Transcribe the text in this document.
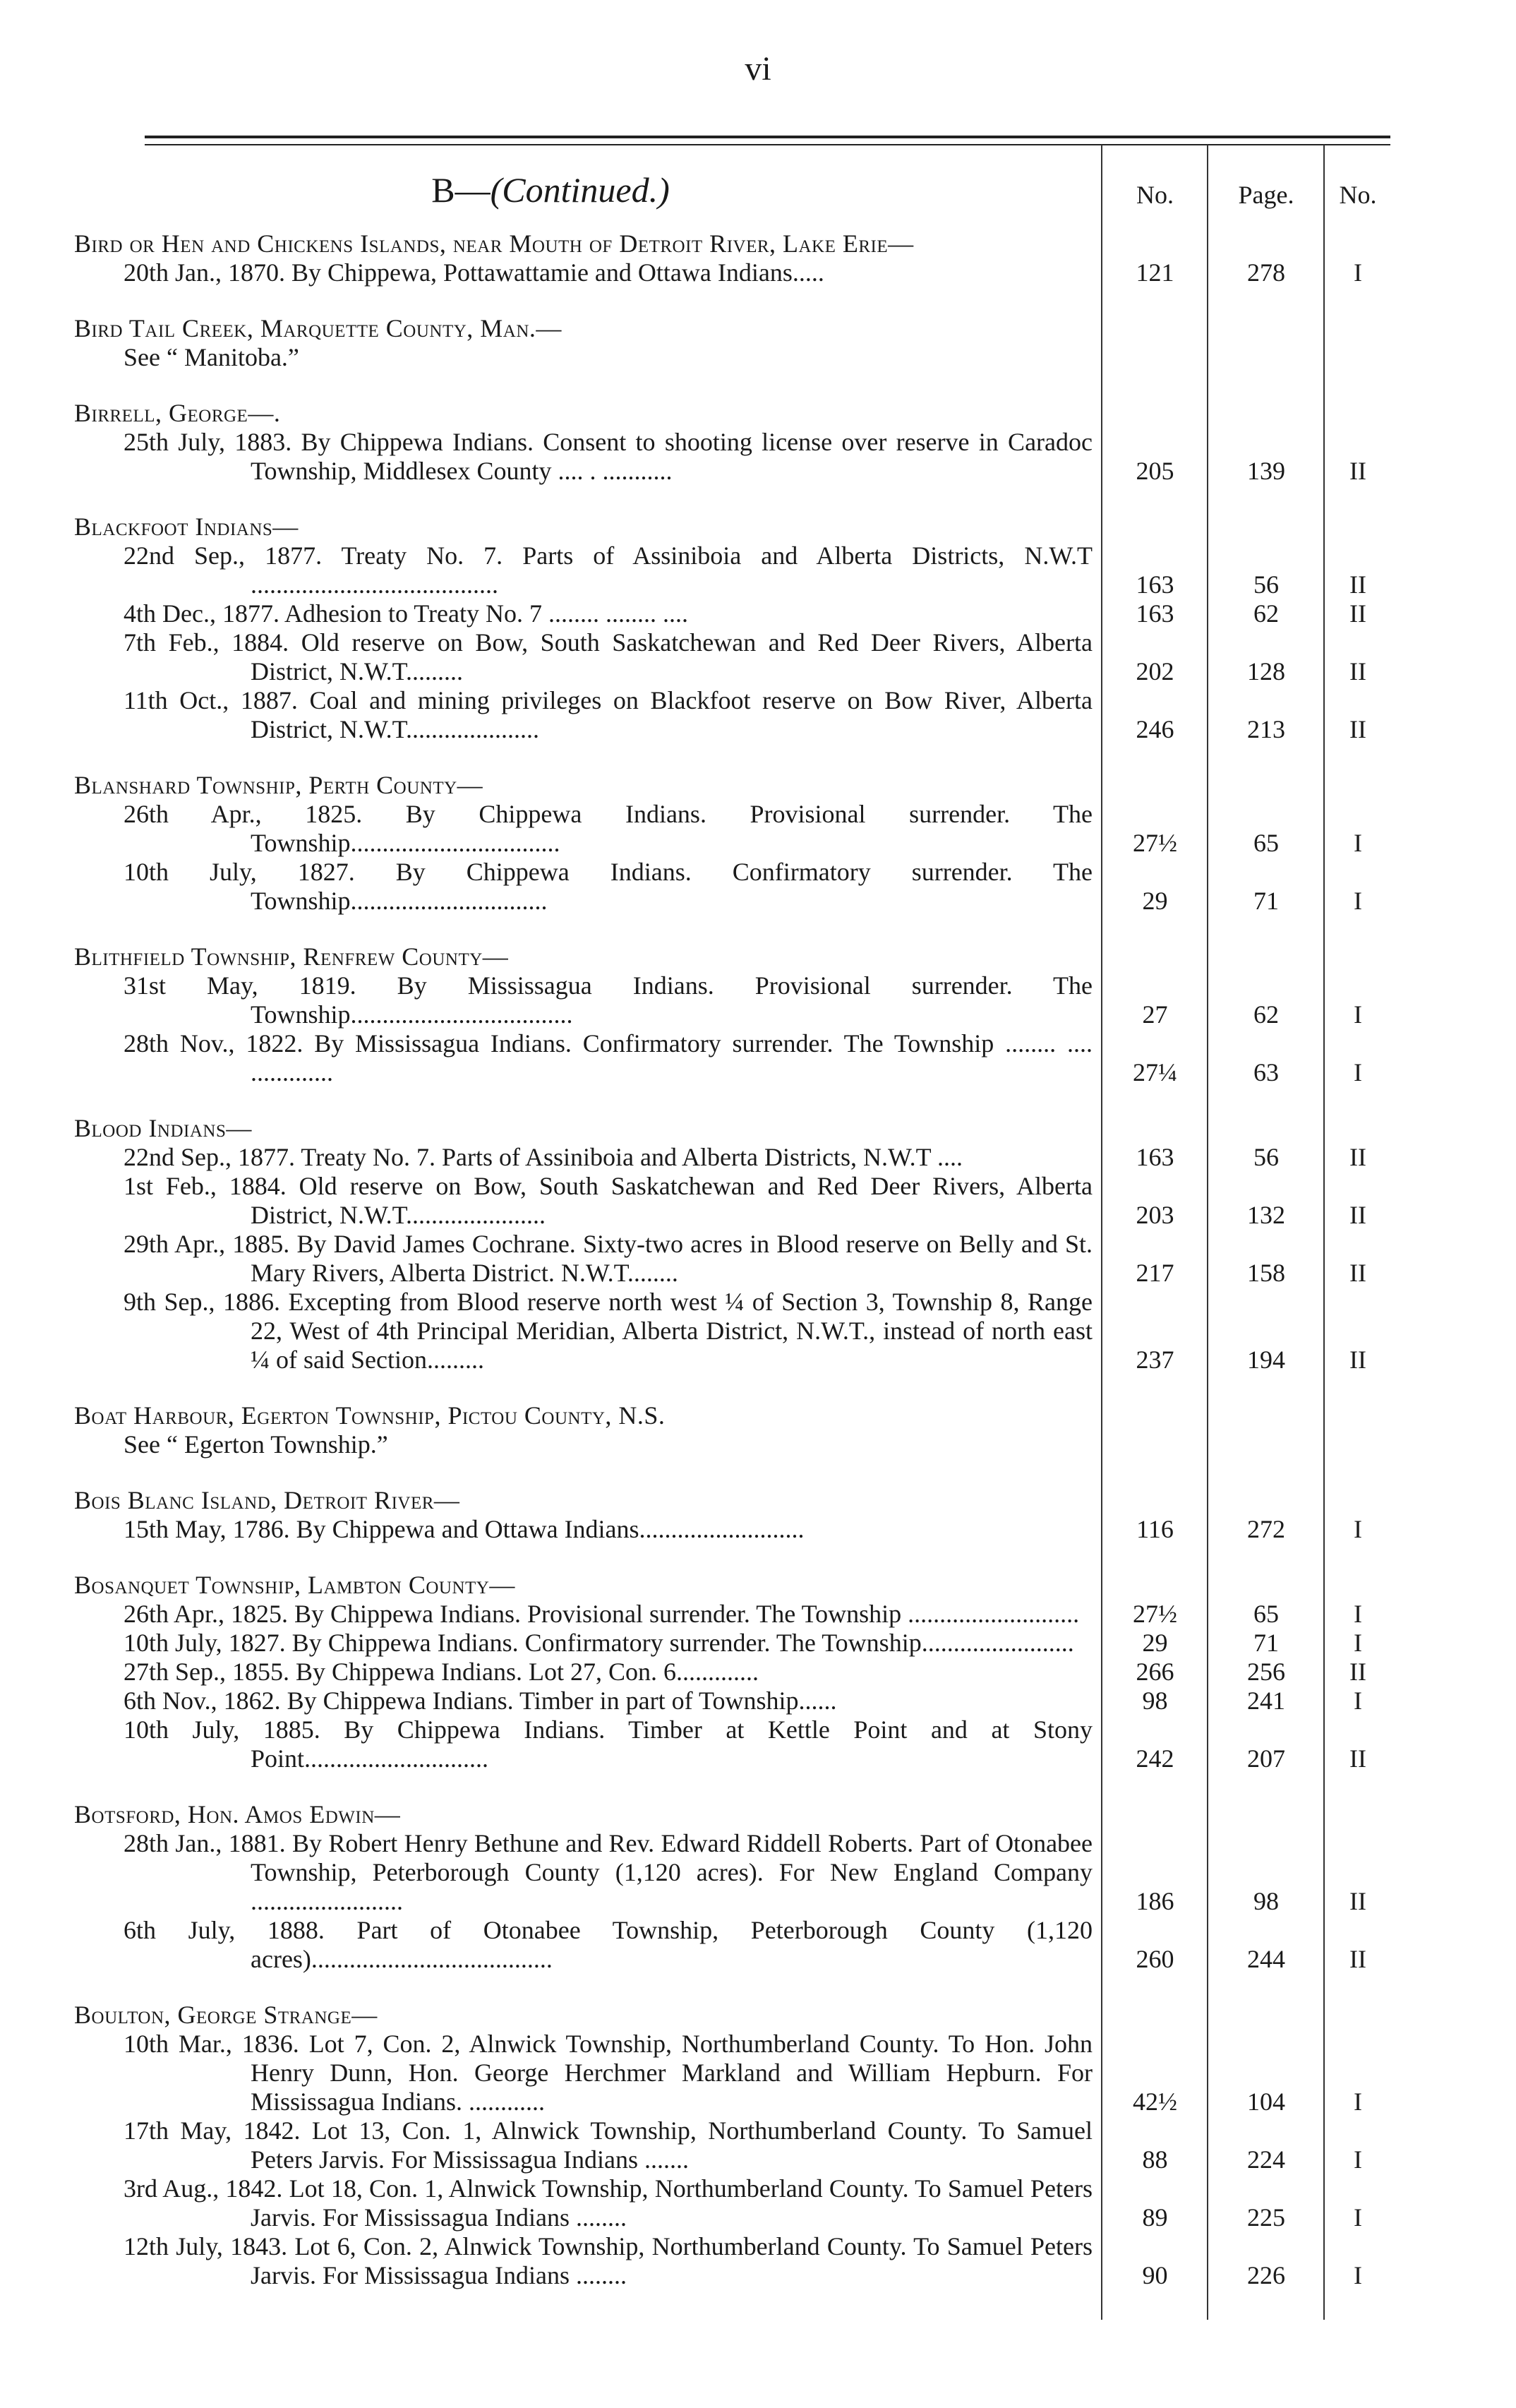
vi
B—(Continued.)	No.	Page.	No.
Bird or Hen and Chickens Islands, near Mouth of Detroit River, Lake Erie—
20th Jan., 1870. By Chippewa, Pottawattamie and Ottawa Indians.....	121	278	I
Bird Tail Creek, Marquette County, Man.—
See “ Manitoba.”
Birrell, George—.
25th July, 1883. By Chippewa Indians. Consent to shooting license over reserve in Caradoc Township, Middlesex County .... . ...........	205	139	II
Blackfoot Indians—
22nd Sep., 1877. Treaty No. 7. Parts of Assiniboia and Alberta Districts, N.W.T .......................................	163	56	II
4th Dec., 1877. Adhesion to Treaty No. 7 ........ ........ ....	163	62	II
7th Feb., 1884. Old reserve on Bow, South Saskatchewan and Red Deer Rivers, Alberta District, N.W.T.........	202	128	II
11th Oct., 1887. Coal and mining privileges on Blackfoot reserve on Bow River, Alberta District, N.W.T.....................	246	213	II
Blanshard Township, Perth County—
26th Apr., 1825. By Chippewa Indians. Provisional surrender. The Township.................................	27½	65	I
10th July, 1827. By Chippewa Indians. Confirmatory surrender. The Township...............................	29	71	I
Blithfield Township, Renfrew County—
31st May, 1819. By Mississagua Indians. Provisional surrender. The Township...................................	27	62	I
28th Nov., 1822. By Mississagua Indians. Confirmatory surrender. The Township ........ .... .............	27¼	63	I
Blood Indians—
22nd Sep., 1877. Treaty No. 7. Parts of Assiniboia and Alberta Districts, N.W.T ....	163	56	II
1st Feb., 1884. Old reserve on Bow, South Saskatchewan and Red Deer Rivers, Alberta District, N.W.T......................	203	132	II
29th Apr., 1885. By David James Cochrane. Sixty-two acres in Blood reserve on Belly and St. Mary Rivers, Alberta District. N.W.T........	217	158	II
9th Sep., 1886. Excepting from Blood reserve north west ¼ of Section 3, Township 8, Range 22, West of 4th Principal Meridian, Alberta District, N.W.T., instead of north east ¼ of said Section.........	237	194	II
Boat Harbour, Egerton Township, Pictou County, N.S.
See “ Egerton Township.”
Bois Blanc Island, Detroit River—
15th May, 1786. By Chippewa and Ottawa Indians..........................	116	272	I
Bosanquet Township, Lambton County—
26th Apr., 1825. By Chippewa Indians. Provisional surrender. The Township ...........................	27½	65	I
10th July, 1827. By Chippewa Indians. Confirmatory surrender. The Township........................	29	71	I
27th Sep., 1855. By Chippewa Indians. Lot 27, Con. 6.............	266	256	II
6th Nov., 1862. By Chippewa Indians. Timber in part of Township......	98	241	I
10th July, 1885. By Chippewa Indians. Timber at Kettle Point and at Stony Point.............................	242	207	II
Botsford, Hon. Amos Edwin—
28th Jan., 1881. By Robert Henry Bethune and Rev. Edward Riddell Roberts. Part of Otonabee Township, Peterborough County (1,120 acres). For New England Company ........................	186	98	II
6th July, 1888. Part of Otonabee Township, Peterborough County (1,120 acres)......................................	260	244	II
Boulton, George Strange—
10th Mar., 1836. Lot 7, Con. 2, Alnwick Township, Northumberland County. To Hon. John Henry Dunn, Hon. George Herchmer Markland and William Hepburn. For Mississagua Indians. ............	42½	104	I
17th May, 1842. Lot 13, Con. 1, Alnwick Township, Northumberland County. To Samuel Peters Jarvis. For Mississagua Indians .......	88	224	I
3rd Aug., 1842. Lot 18, Con. 1, Alnwick Township, Northumberland County. To Samuel Peters Jarvis. For Mississagua Indians ........	89	225	I
12th July, 1843. Lot 6, Con. 2, Alnwick Township, Northumberland County. To Samuel Peters Jarvis. For Mississagua Indians ........	90	226	I
